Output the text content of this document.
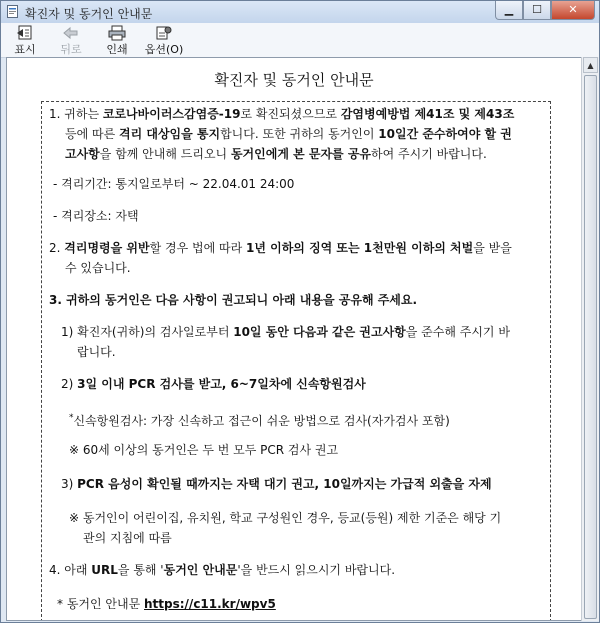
확진자 및 동거인 안내문	▁	☐	✕
표시	뒤로	인쇄	옵션(O)
확진자 및 동거인 안내문
1. 귀하는 코로나바이러스감염증-19로 확진되셨으므로 감염병예방법 제41조 및 제43조
등에 따른 격리 대상임을 통지합니다. 또한 귀하의 동거인이 10일간 준수하여야 할 권
고사항을 함께 안내해 드리오니 동거인에게 본 문자를 공유하여 주시기 바랍니다.
- 격리기간: 통지일로부터 ~ 22.04.01 24:00
- 격리장소: 자택
2. 격리명령을 위반할 경우 법에 따라 1년 이하의 징역 또는 1천만원 이하의 처벌을 받을
수 있습니다.
3. 귀하의 동거인은 다음 사항이 권고되니 아래 내용을 공유해 주세요.
1) 확진자(귀하)의 검사일로부터 10일 동안 다음과 같은 권고사항을 준수해 주시기 바
랍니다.
2) 3일 이내 PCR 검사를 받고, 6~7일차에 신속항원검사
*신속항원검사: 가장 신속하고 접근이 쉬운 방법으로 검사(자가검사 포함)
※ 60세 이상의 동거인은 두 번 모두 PCR 검사 권고
3) PCR 음성이 확인될 때까지는 자택 대기 권고, 10일까지는 가급적 외출을 자제
※ 동거인이 어린이집, 유치원, 학교 구성원인 경우, 등교(등원) 제한 기준은 해당 기
관의 지침에 따름
4. 아래 URL을 통해 '동거인 안내문'을 반드시 읽으시기 바랍니다.
* 동거인 안내문 https://c11.kr/wpv5
▲
